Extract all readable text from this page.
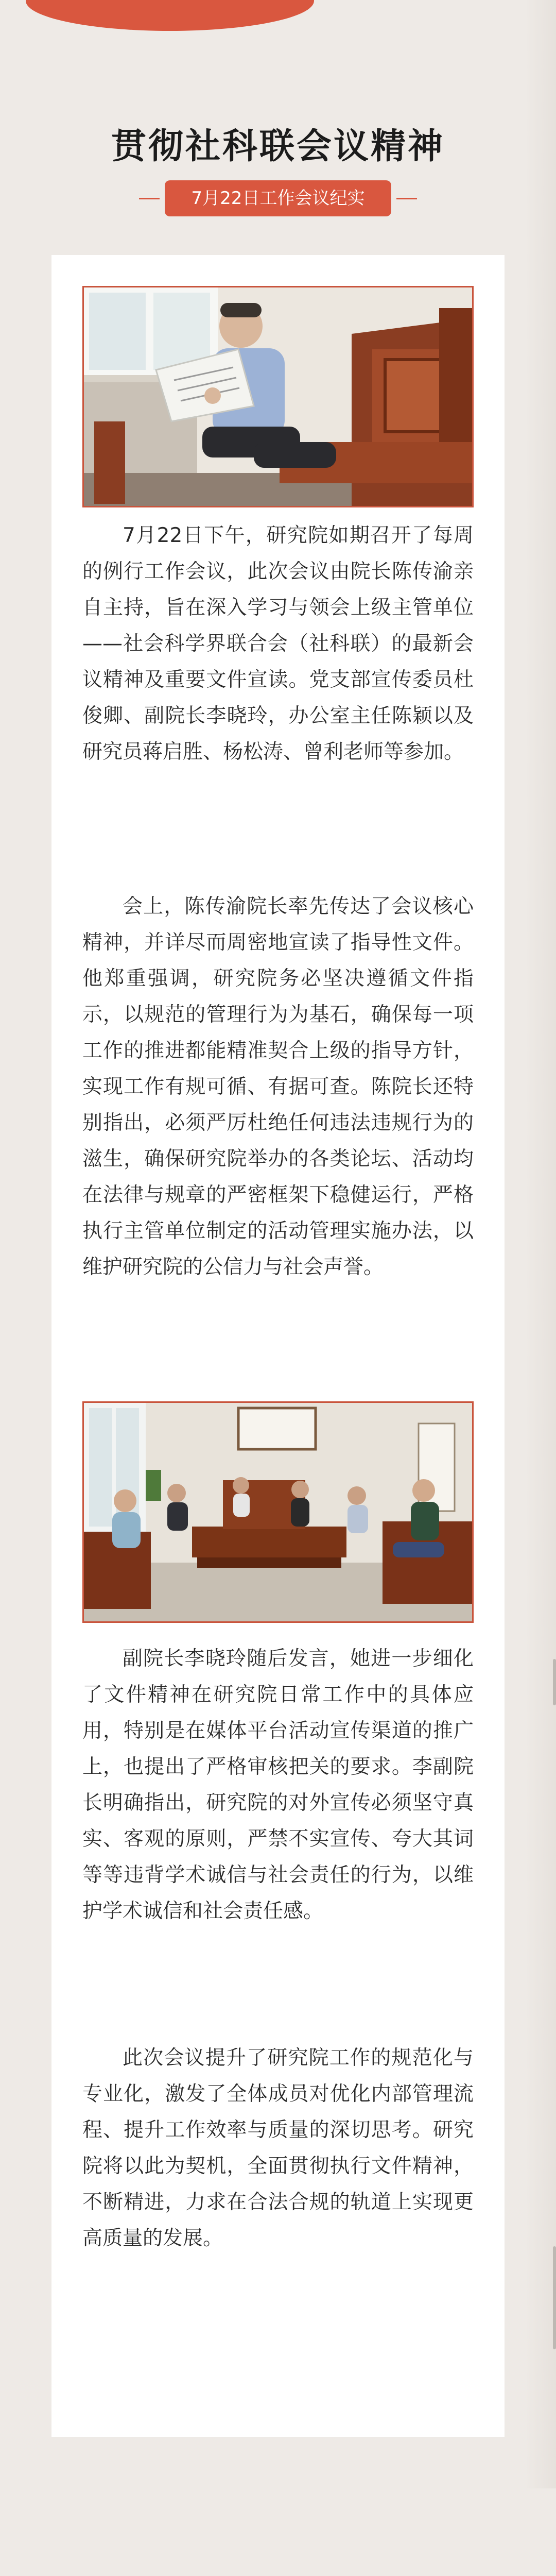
贯彻社科联会议精神
7月22日工作会议纪实

7月22日下午，研究院如期召开了每周的例行工作会议，此次会议由院长陈传渝亲自主持，旨在深入学习与领会上级主管单位——社会科学界联合会（社科联）的最新会议精神及重要文件宣读。党支部宣传委员杜俊卿、副院长李晓玲，办公室主任陈颖以及研究员蒋启胜、杨松涛、曾利老师等参加。

会上，陈传渝院长率先传达了会议核心精神，并详尽而周密地宣读了指导性文件。他郑重强调，研究院务必坚决遵循文件指示，以规范的管理行为为基石，确保每一项工作的推进都能精准契合上级的指导方针，实现工作有规可循、有据可查。陈院长还特别指出，必须严厉杜绝任何违法违规行为的滋生，确保研究院举办的各类论坛、活动均在法律与规章的严密框架下稳健运行，严格执行主管单位制定的活动管理实施办法，以维护研究院的公信力与社会声誉。

副院长李晓玲随后发言，她进一步细化了文件精神在研究院日常工作中的具体应用，特别是在媒体平台活动宣传渠道的推广上，也提出了严格审核把关的要求。李副院长明确指出，研究院的对外宣传必须坚守真实、客观的原则，严禁不实宣传、夸大其词等等违背学术诚信与社会责任的行为，以维护学术诚信和社会责任感。

此次会议提升了研究院工作的规范化与专业化，激发了全体成员对优化内部管理流程、提升工作效率与质量的深切思考。研究院将以此为契机，全面贯彻执行文件精神，不断精进，力求在合法合规的轨道上实现更高质量的发展。
